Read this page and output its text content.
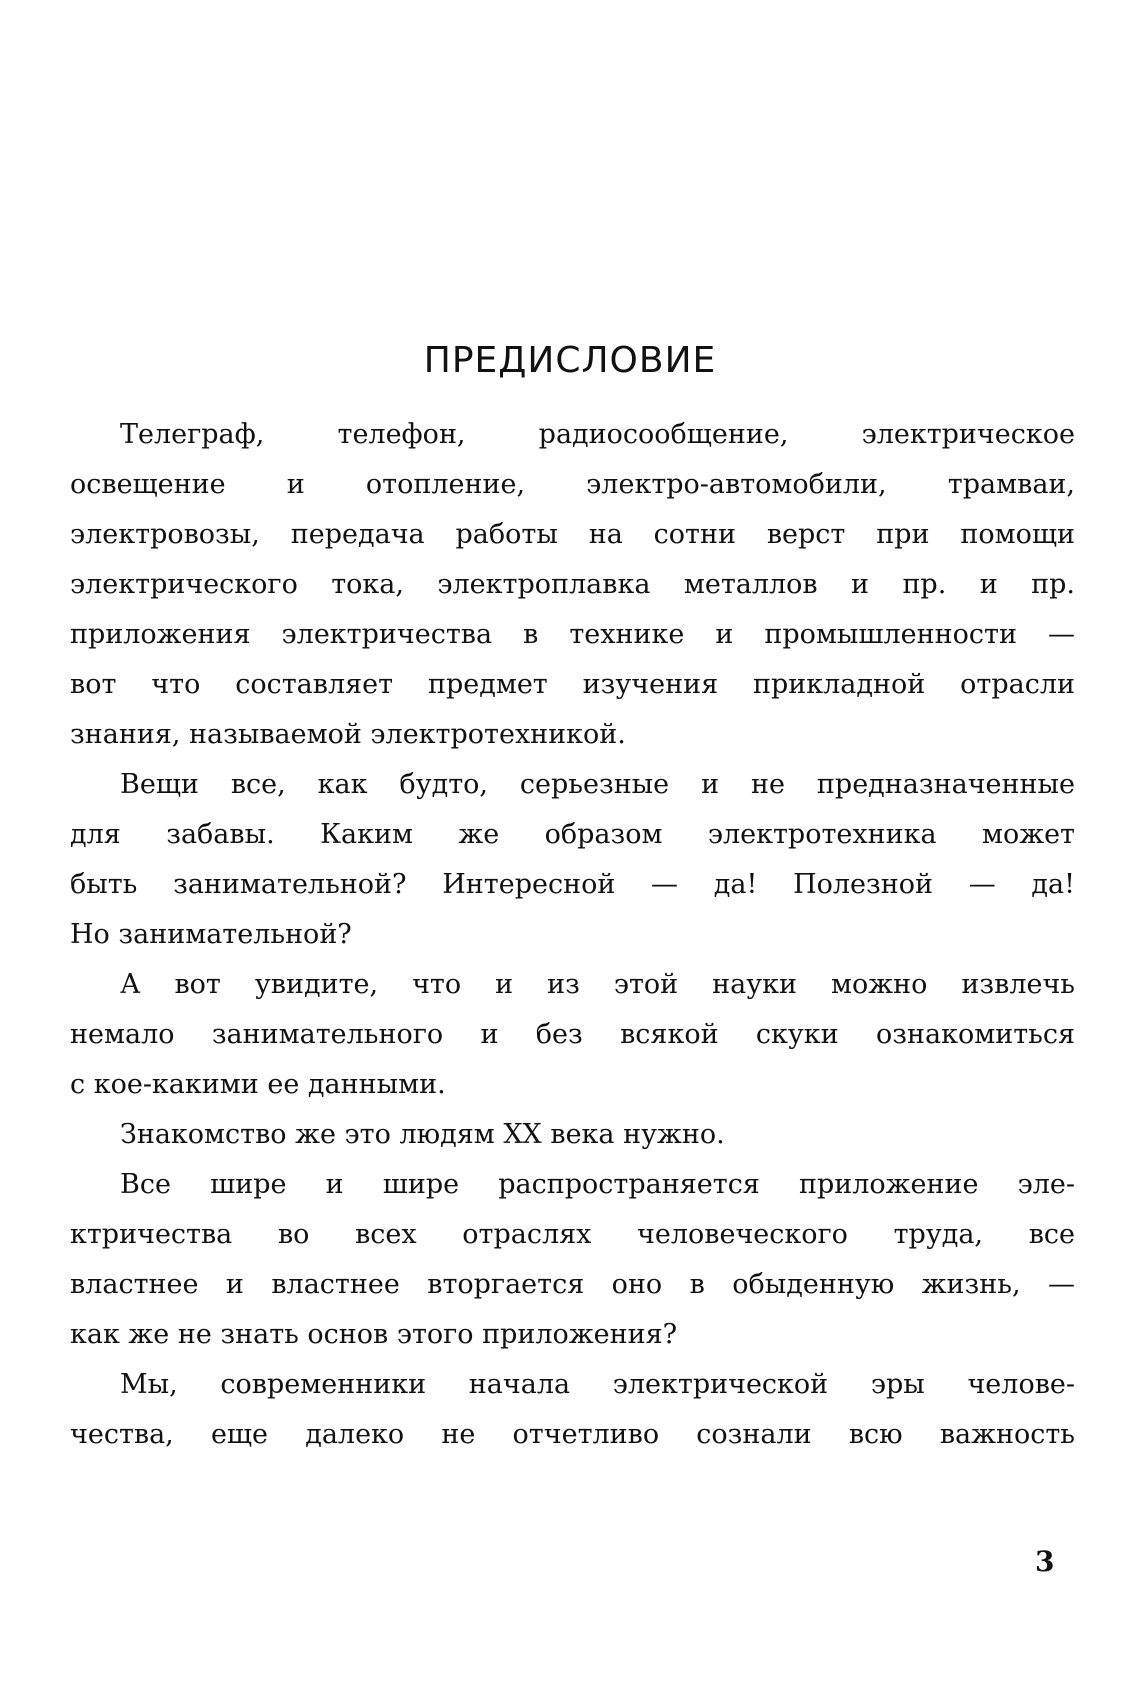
ПРЕДИСЛОВИЕ

Телеграф, телефон, радиосообщение, электрическое
освещение и отопление, электро-автомобили, трамваи,
электровозы, передача работы на сотни верст при помощи
электрического тока, электроплавка металлов и пр. и пр.
приложения электричества в технике и промышленности —
вот что составляет предмет изучения прикладной отрасли
знания, называемой электротехникой.

Вещи все, как будто, серьезные и не предназначенные
для забавы. Каким же образом электротехника может
быть занимательной? Интересной — да! Полезной — да!
Но занимательной?

А вот увидите, что и из этой науки можно извлечь
немало занимательного и без всякой скуки ознакомиться
с кое-какими ее данными.

Знакомство же это людям XX века нужно.

Все шире и шире распространяется приложение эле-
ктричества во всех отраслях человеческого труда, все
властнее и властнее вторгается оно в обыденную жизнь, —
как же не знать основ этого приложения?

Мы, современники начала электрической эры челове-
чества, еще далеко не отчетливо сознали всю важность

3
